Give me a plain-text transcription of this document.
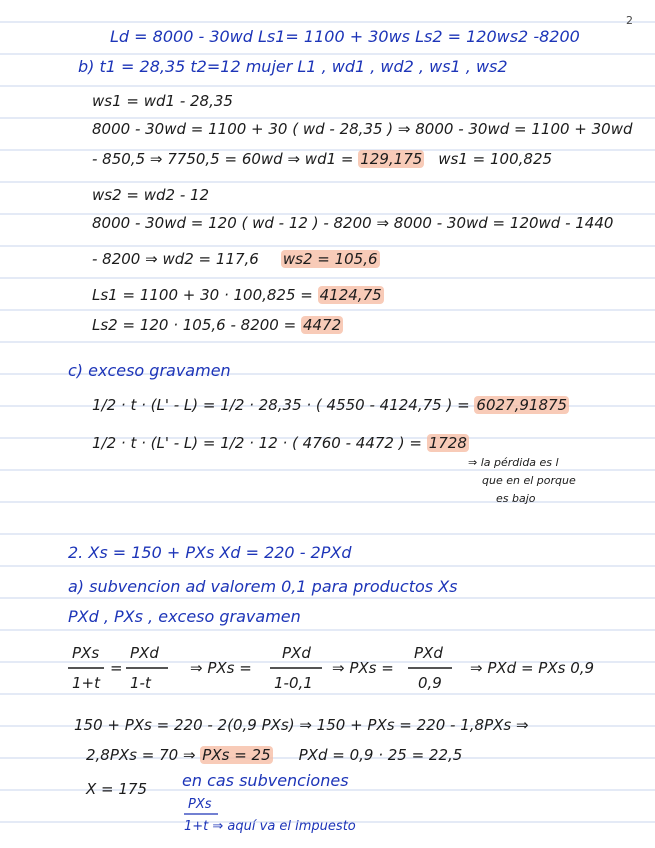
2
Ld = 8000 - 30wd Ls1= 1100 + 30ws Ls2 = 120ws2 -8200
b) t1 = 28,35 t2=12 mujer L1 , wd1 , wd2 , ws1 , ws2
ws1 = wd1 - 28,35
8000 - 30wd = 1100 + 30 ( wd - 28,35 ) ⇒ 8000 - 30wd = 1100 + 30wd
- 850,5 ⇒ 7750,5 = 60wd ⇒ wd1 = 129,175 ws1 = 100,825
ws2 = wd2 - 12
8000 - 30wd = 120 ( wd - 12 ) - 8200 ⇒ 8000 - 30wd = 120wd - 1440
- 8200 ⇒ wd2 = 117,6 ws2 = 105,6
Ls1 = 1100 + 30 · 100,825 = 4124,75
Ls2 = 120 · 105,6 - 8200 = 4472
c) exceso gravamen
1/2 · t · (L' - L) = 1/2 · 28,35 · ( 4550 - 4124,75 ) = 6027,91875
1/2 · t · (L' - L) = 1/2 · 12 · ( 4760 - 4472 ) = 1728
⇒ la pérdida es l
que en el porque
es bajo
2. Xs = 150 + PXs Xd = 220 - 2PXd
a) subvencion ad valorem 0,1 para productos Xs
PXd , PXs , exceso gravamen
PXs
1+t
=
PXd
1-t
⇒ PXs =
PXd
1-0,1
⇒ PXs =
PXd
0,9
⇒ PXd = PXs 0,9
150 + PXs = 220 - 2(0,9 PXs) ⇒ 150 + PXs = 220 - 1,8PXs ⇒
2,8PXs = 70 ⇒ PXs = 25 PXd = 0,9 · 25 = 22,5
X = 175 en cas subvenciones
PXs
1+t ⇒ aquí va el impuesto
